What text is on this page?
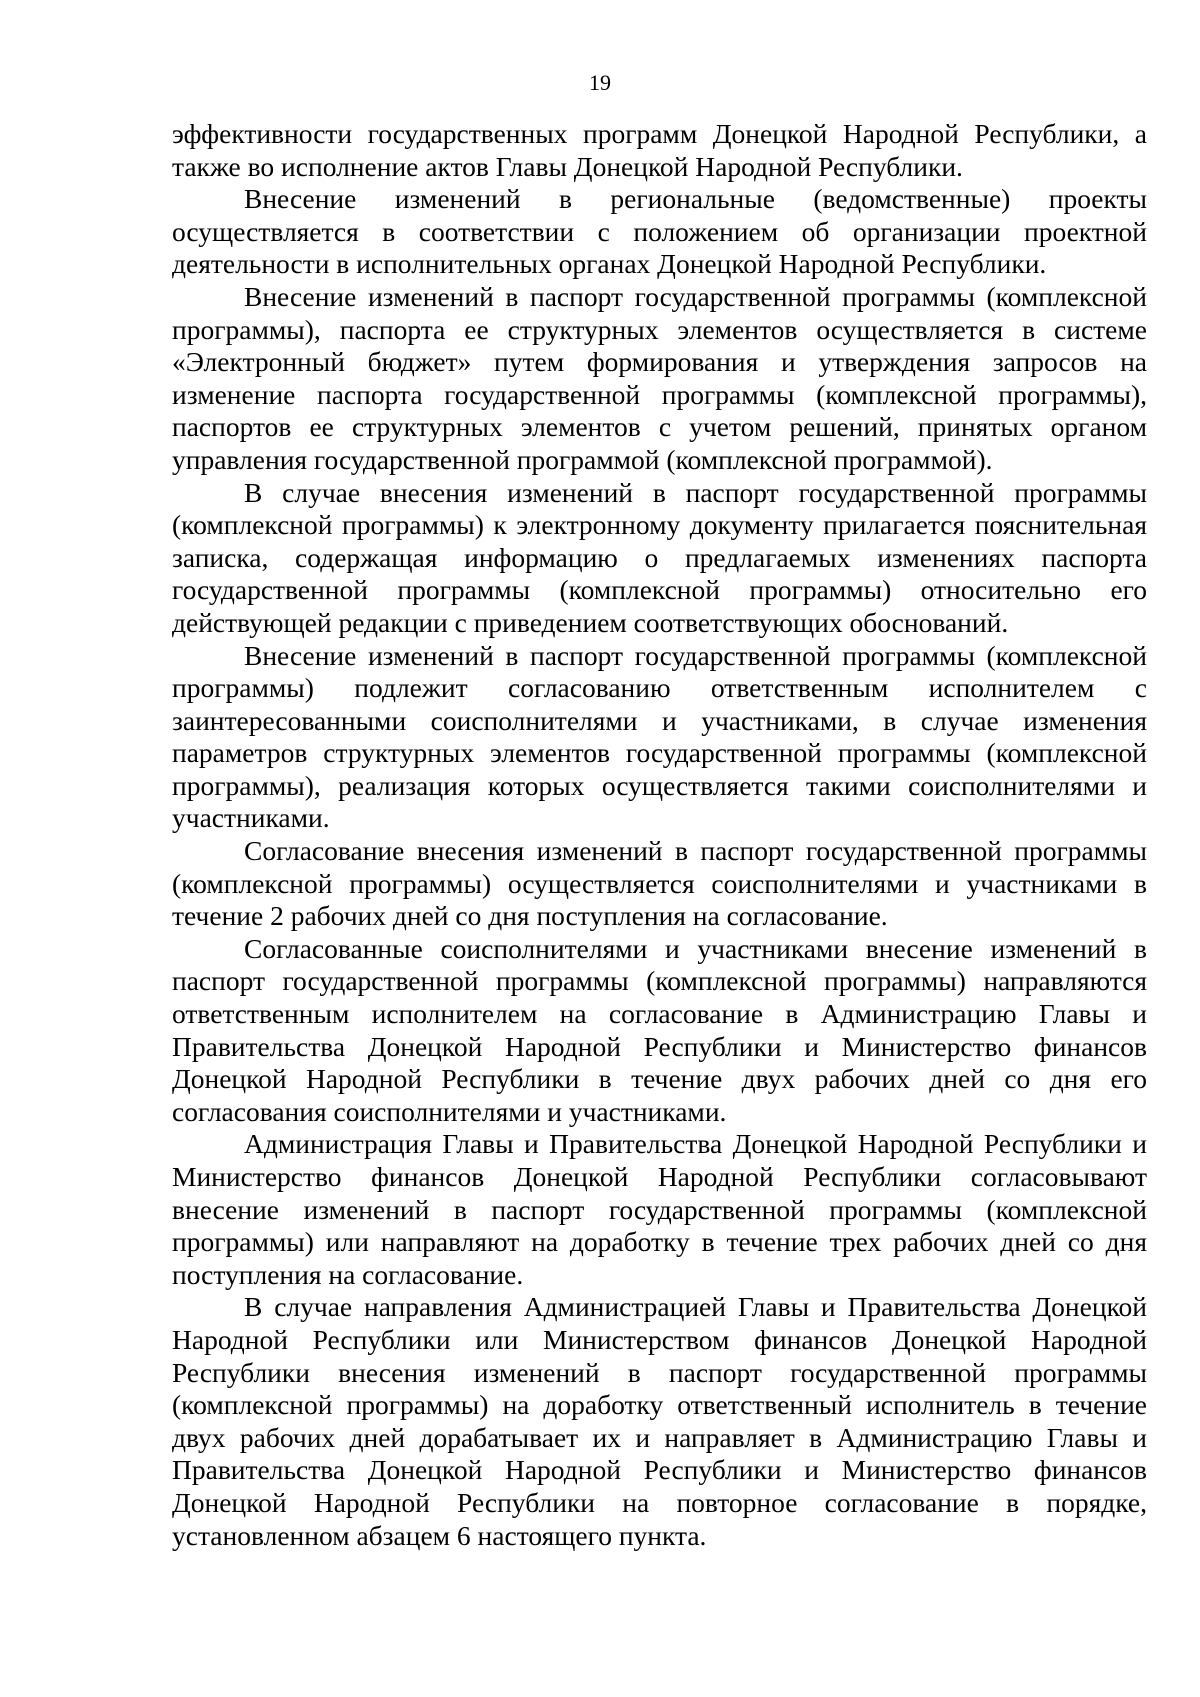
19

эффективности государственных программ Донецкой Народной Республики, а также во исполнение актов Главы Донецкой Народной Республики.

Внесение изменений в региональные (ведомственные) проекты осуществляется в соответствии с положением об организации проектной деятельности в исполнительных органах Донецкой Народной Республики.

Внесение изменений в паспорт государственной программы (комплексной программы), паспорта ее структурных элементов осуществляется в системе «Электронный бюджет» путем формирования и утверждения запросов на изменение паспорта государственной программы (комплексной программы), паспортов ее структурных элементов с учетом решений, принятых органом управления государственной программой (комплексной программой).

В случае внесения изменений в паспорт государственной программы (комплексной программы) к электронному документу прилагается пояснительная записка, содержащая информацию о предлагаемых изменениях паспорта государственной программы (комплексной программы) относительно его действующей редакции с приведением соответствующих обоснований.

Внесение изменений в паспорт государственной программы (комплексной программы) подлежит согласованию ответственным исполнителем с заинтересованными соисполнителями и участниками, в случае изменения параметров структурных элементов государственной программы (комплексной программы), реализация которых осуществляется такими соисполнителями и участниками.

Согласование внесения изменений в паспорт государственной программы (комплексной программы) осуществляется соисполнителями и участниками в течение 2 рабочих дней со дня поступления на согласование.

Согласованные соисполнителями и участниками внесение изменений в паспорт государственной программы (комплексной программы) направляются ответственным исполнителем на согласование в Администрацию Главы и Правительства Донецкой Народной Республики и Министерство финансов Донецкой Народной Республики в течение двух рабочих дней со дня его согласования соисполнителями и участниками.

Администрация Главы и Правительства Донецкой Народной Республики и Министерство финансов Донецкой Народной Республики согласовывают внесение изменений в паспорт государственной программы (комплексной программы) или направляют на доработку в течение трех рабочих дней со дня поступления на согласование.

В случае направления Администрацией Главы и Правительства Донецкой Народной Республики или Министерством финансов Донецкой Народной Республики внесения изменений в паспорт государственной программы (комплексной программы) на доработку ответственный исполнитель в течение двух рабочих дней дорабатывает их и направляет в Администрацию Главы и Правительства Донецкой Народной Республики и Министерство финансов Донецкой Народной Республики на повторное согласование в порядке, установленном абзацем 6 настоящего пункта.
